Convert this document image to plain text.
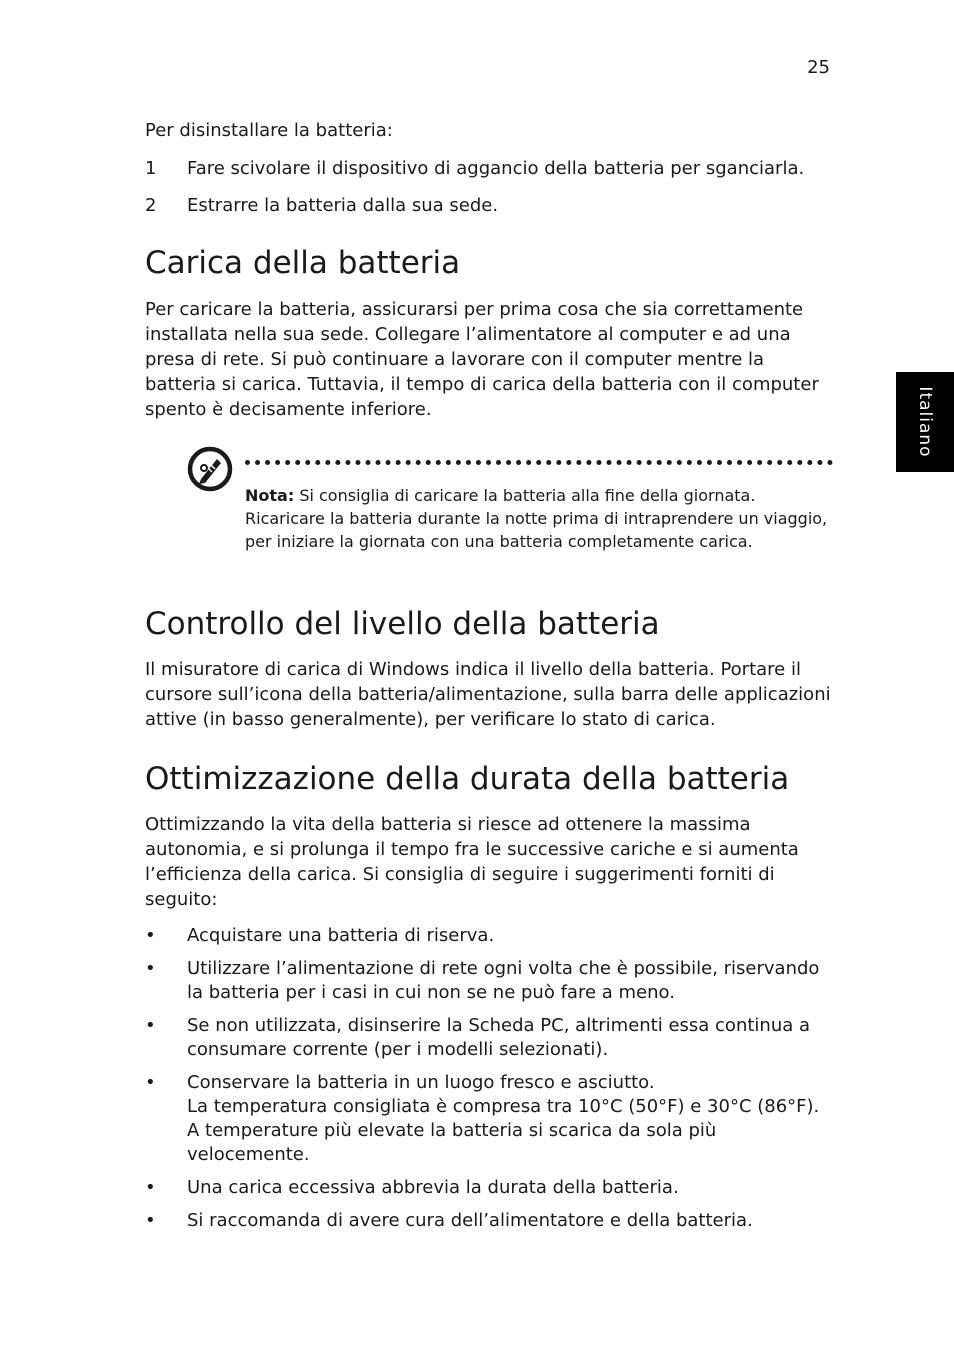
25
Italiano

Per disinstallare la batteria:

1	Fare scivolare il dispositivo di aggancio della batteria per sganciarla.
2	Estrarre la batteria dalla sua sede.
Carica della batteria

Per caricare la batteria, assicurarsi per prima cosa che sia correttamente installata nella sua sede. Collegare l’alimentatore al computer e ad una presa di rete. Si può continuare a lavorare con il computer mentre la batteria si carica. Tuttavia, il tempo di carica della batteria con il computer spento è decisamente inferiore.

Nota: Si consiglia di caricare la batteria alla fine della giornata. Ricaricare la batteria durante la notte prima di intraprendere un viaggio, per iniziare la giornata con una batteria completamente carica.
Controllo del livello della batteria

Il misuratore di carica di Windows indica il livello della batteria. Portare il cursore sull’icona della batteria/alimentazione, sulla barra delle applicazioni attive (in basso generalmente), per verificare lo stato di carica.

Ottimizzazione della durata della batteria

Ottimizzando la vita della batteria si riesce ad ottenere la massima autonomia, e si prolunga il tempo fra le successive cariche e si aumenta l’efficienza della carica. Si consiglia di seguire i suggerimenti forniti di seguito:

•	Acquistare una batteria di riserva.
•	Utilizzare l’alimentazione di rete ogni volta che è possibile, riservando la batteria per i casi in cui non se ne può fare a meno.
•	Se non utilizzata, disinserire la Scheda PC, altrimenti essa continua a consumare corrente (per i modelli selezionati).
•	Conservare la batteria in un luogo fresco e asciutto.
La temperatura consigliata è compresa tra 10°C (50°F) e 30°C (86°F). A temperature più elevate la batteria si scarica da sola più velocemente.
•	Una carica eccessiva abbrevia la durata della batteria.
•	Si raccomanda di avere cura dell’alimentatore e della batteria.
